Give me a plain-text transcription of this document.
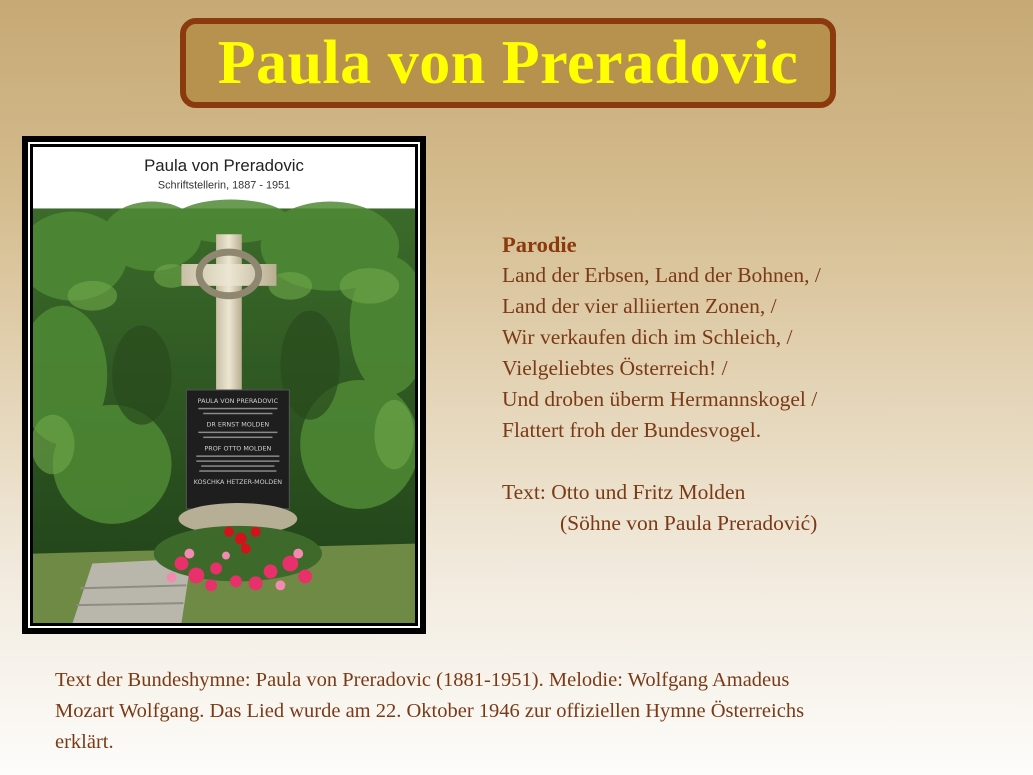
Paula von Preradovic
Paula von Preradovic
Schriftstellerin, 1887 - 1951
PAULA VON PRERADOVIC
DR ERNST MOLDEN
PROF OTTO MOLDEN
KOSCHKA HETZER-MOLDEN
Parodie
Land der Erbsen, Land der Bohnen, /
Land der vier alliierten Zonen, /
Wir verkaufen dich im Schleich, /
Vielgeliebtes Österreich! /
Und droben überm Hermannskogel /
Flattert froh der Bundesvogel.
Text: Otto und Fritz Molden
(Söhne von Paula Preradović)
Text der Bundeshymne: Paula von Preradovic (1881-1951). Melodie: Wolfgang Amadeus Mozart Wolfgang. Das Lied wurde am 22. Oktober 1946 zur offiziellen Hymne Österreichs erklärt.
